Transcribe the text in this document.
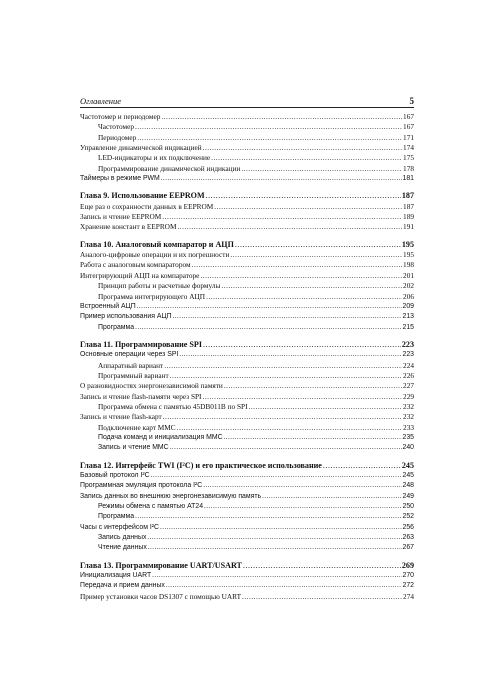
Оглавление	5
Частотомер и периодомер .....	167
Частотомер .....	167
Периодомер .....	171
Управление динамической индикацией .....	174
LED-индикаторы и их подключение .....	175
Программирование динамической индикации .....	178
Таймеры в режиме PWM .....	181
Глава 9. Использование EEPROM .....	187
Еще раз о сохранности данных в EEPROM .....	187
Запись и чтение EEPROM .....	189
Хранение констант в EEPROM .....	191
Глава 10. Аналоговый компаратор и АЦП .....	195
Аналого-цифровые операции и их погрешности .....	195
Работа с аналоговым компаратором .....	198
Интегрирующий АЦП на компараторе .....	201
Принцип работы и расчетные формулы .....	202
Программа интегрирующего АЦП .....	206
Встроенный АЦП .....	209
Пример использования АЦП .....	213
Программа .....	215
Глава 11. Программирование SPI .....	223
Основные операции через SPI .....	223
Аппаратный вариант .....	224
Программный вариант .....	226
О разновидностях энергонезависимой памяти .....	227
Запись и чтение flash-памяти через SPI .....	229
Программа обмена с памятью 45DB011B по SPI .....	232
Запись и чтение flash-карт .....	232
Подключение карт MMC .....	233
Подача команд и инициализация MMC .....	235
Запись и чтение MMC .....	240
Глава 12. Интерфейс TWI (I²C) и его практическое использование .....	245
Базовый протокол I²C .....	245
Программная эмуляция протокола I²C .....	248
Запись данных во внешнюю энергонезависимую память .....	249
Режимы обмена с памятью AT24 .....	250
Программа .....	252
Часы с интерфейсом I²C .....	256
Запись данных .....	263
Чтение данных .....	267
Глава 13. Программирование UART/USART .....	269
Инициализация UART .....	270
Передача и прием данных .....	272
Пример установки часов DS1307 с помощью UART .....	274
